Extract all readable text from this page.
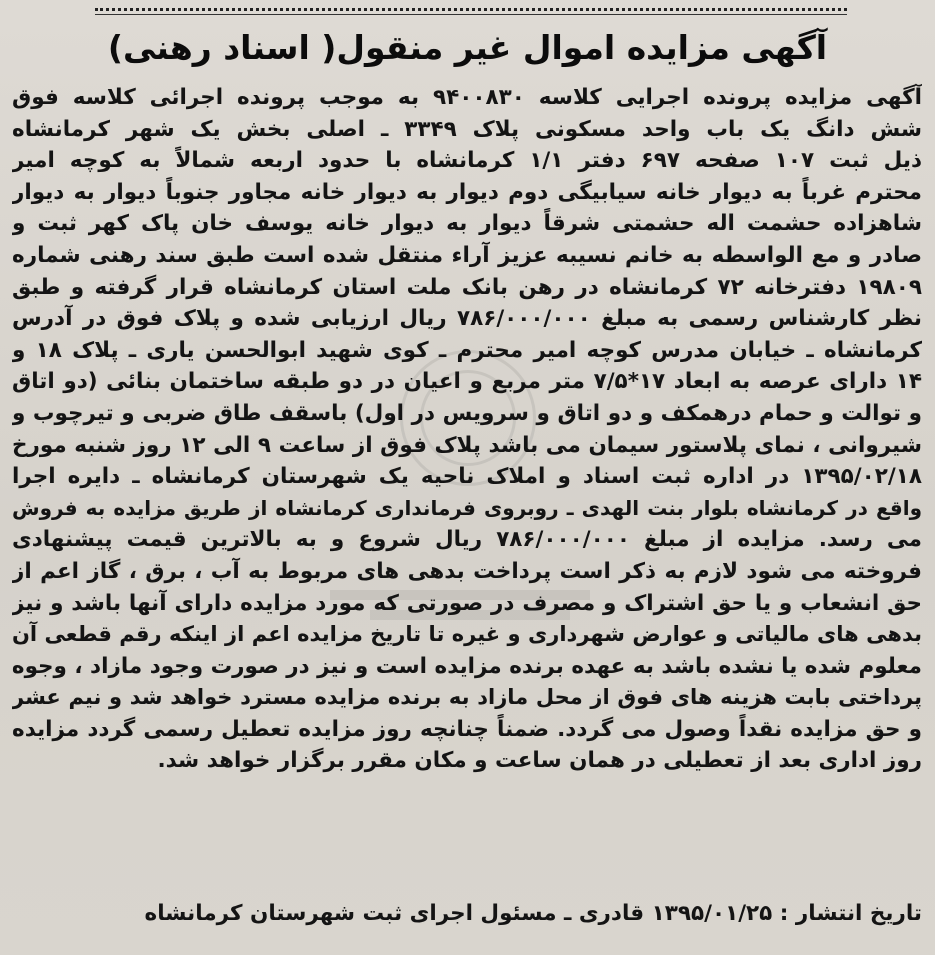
آگهی مزایده اموال غیر منقول( اسناد رهنی)
آگهی مزایده پرونده اجرایی کلاسه ۹۴۰۰۸۳۰ به موجب پرونده اجرائی کلاسه فوق
شش دانگ یک باب واحد مسکونی پلاک ۳۳۴۹ ـ اصلی بخش یک شهر کرمانشاه
ذیل ثبت ۱۰۷ صفحه ۶۹۷ دفتر ۱/۱ کرمانشاه با حدود اربعه شمالاً به کوچه امیر
محترم غرباً به دیوار خانه سیابیگی دوم دیوار به دیوار خانه مجاور جنوباً دیوار به دیوار
شاهزاده حشمت اله حشمتی شرقاً دیوار به دیوار خانه یوسف خان پاک کهر ثبت و
صادر و مع الواسطه به خانم نسیبه عزیز آراء منتقل شده است طبق سند رهنی شماره
۱۹۸۰۹ دفترخانه ۷۲ کرمانشاه در رهن بانک ملت استان کرمانشاه قرار گرفته و طبق
نظر کارشناس رسمی به مبلغ ۷۸۶/۰۰۰/۰۰۰ ریال ارزیابی شده و پلاک فوق در آدرس
کرمانشاه ـ خیابان مدرس کوچه امیر محترم ـ کوی شهید ابوالحسن یاری ـ پلاک ۱۸ و
۱۴ دارای عرصه به ابعاد ۱۷*۷/۵ متر مربع و اعیان در دو طبقه ساختمان بنائی (دو اتاق
و توالت و حمام درهمکف و دو اتاق و سرویس در اول) باسقف طاق ضربی و تیرچوب و
شیروانی ، نمای پلاستور سیمان می باشد پلاک فوق از ساعت ۹ الی ۱۲ روز شنبه مورخ
۱۳۹۵/۰۲/۱۸ در اداره ثبت اسناد و املاک ناحیه یک شهرستان کرمانشاه ـ دایره اجرا
واقع در کرمانشاه بلوار بنت الهدی ـ روبروی فرمانداری کرمانشاه از طریق مزایده به فروش
می رسد. مزایده از مبلغ ۷۸۶/۰۰۰/۰۰۰ ریال شروع و به بالاترین قیمت پیشنهادی
فروخته می شود لازم به ذکر است پرداخت بدهی های مربوط به آب ، برق ، گاز اعم از
حق انشعاب و یا حق اشتراک و مصرف در صورتی که مورد مزایده دارای آنها باشد و نیز
بدهی های مالیاتی و عوارض شهرداری و غیره تا تاریخ مزایده اعم از اینکه رقم قطعی آن
معلوم شده یا نشده باشد به عهده برنده مزایده است و نیز در صورت وجود مازاد ، وجوه
پرداختی بابت هزینه های فوق از محل مازاد به برنده مزایده مسترد خواهد شد و نیم عشر
و حق مزایده نقداً وصول می گردد. ضمناً چنانچه روز مزایده تعطیل رسمی گردد مزایده
روز اداری بعد از تعطیلی در همان ساعت و مکان مقرر برگزار خواهد شد.
تاریخ انتشار : ۱۳۹۵/۰۱/۲۵ قادری ـ مسئول اجرای ثبت شهرستان کرمانشاه
